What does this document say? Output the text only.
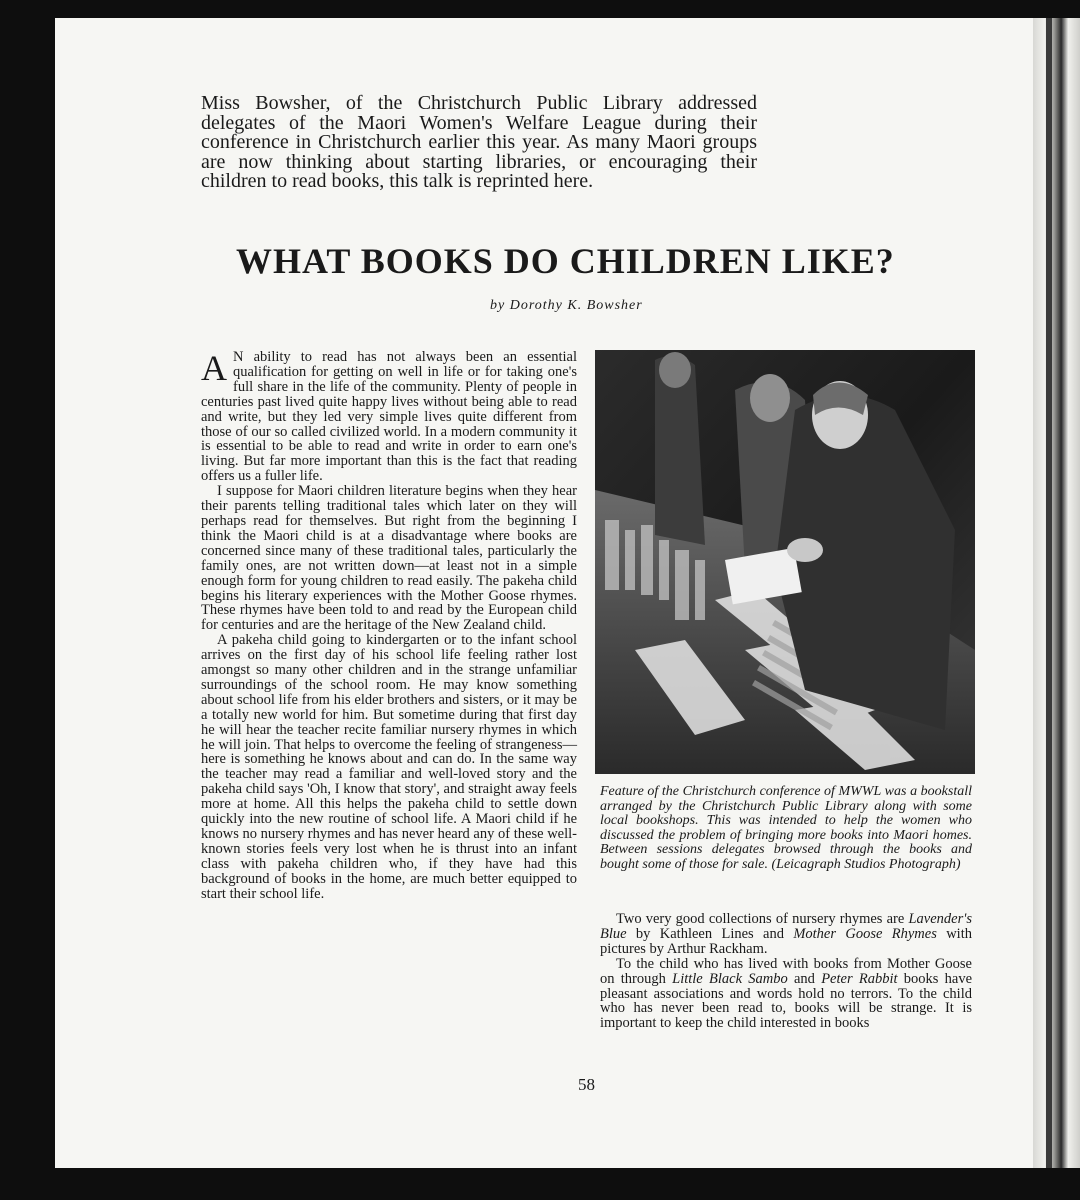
Miss Bowsher, of the Christchurch Public Library addressed delegates of the Maori Women's Welfare League during their conference in Christchurch earlier this year. As many Maori groups are now thinking about starting libraries, or encouraging their children to read books, this talk is reprinted here.
WHAT BOOKS DO CHILDREN LIKE?
by Dorothy K. Bowsher

A N ability to read has not always been an essential qualification for getting on well in life or for taking one's full share in the life of the community. Plenty of people in centuries past lived quite happy lives without being able to read and write, but they led very simple lives quite different from those of our so called civilized world. In a modern community it is essential to be able to read and write in order to earn one's living. But far more important than this is the fact that reading offers us a fuller life.

I suppose for Maori children literature begins when they hear their parents telling traditional tales which later on they will perhaps read for themselves. But right from the beginning I think the Maori child is at a disadvantage where books are concerned since many of these traditional tales, particularly the family ones, are not written down—at least not in a simple enough form for young children to read easily. The pakeha child begins his literary experiences with the Mother Goose rhymes. These rhymes have been told to and read by the European child for centuries and are the heritage of the New Zealand child.

A pakeha child going to kindergarten or to the infant school arrives on the first day of his school life feeling rather lost amongst so many other children and in the strange unfamiliar surroundings of the school room. He may know something about school life from his elder brothers and sisters, or it may be a totally new world for him. But sometime during that first day he will hear the teacher recite familiar nursery rhymes in which he will join. That helps to overcome the feeling of strangeness—here is something he knows about and can do. In the same way the teacher may read a familiar and well-loved story and the pakeha child says 'Oh, I know that story', and straight away feels more at home. All this helps the pakeha child to settle down quickly into the new routine of school life. A Maori child if he knows no nursery rhymes and has never heard any of these well-known stories feels very lost when he is thrust into an infant class with pakeha children who, if they have had this background of books in the home, are much better equipped to start their school life.

Feature of the Christchurch conference of MWWL was a bookstall arranged by the Christchurch Public Library along with some local bookshops. This was intended to help the women who discussed the problem of bringing more books into Maori homes. Between sessions delegates browsed through the books and bought some of those for sale. (Leicagraph Studios Photograph)

Two very good collections of nursery rhymes are Lavender's Blue by Kathleen Lines and Mother Goose Rhymes with pictures by Arthur Rackham.

To the child who has lived with books from Mother Goose on through Little Black Sambo and Peter Rabbit books have pleasant associations and words hold no terrors. To the child who has never been read to, books will be strange. It is important to keep the child interested in books

58
